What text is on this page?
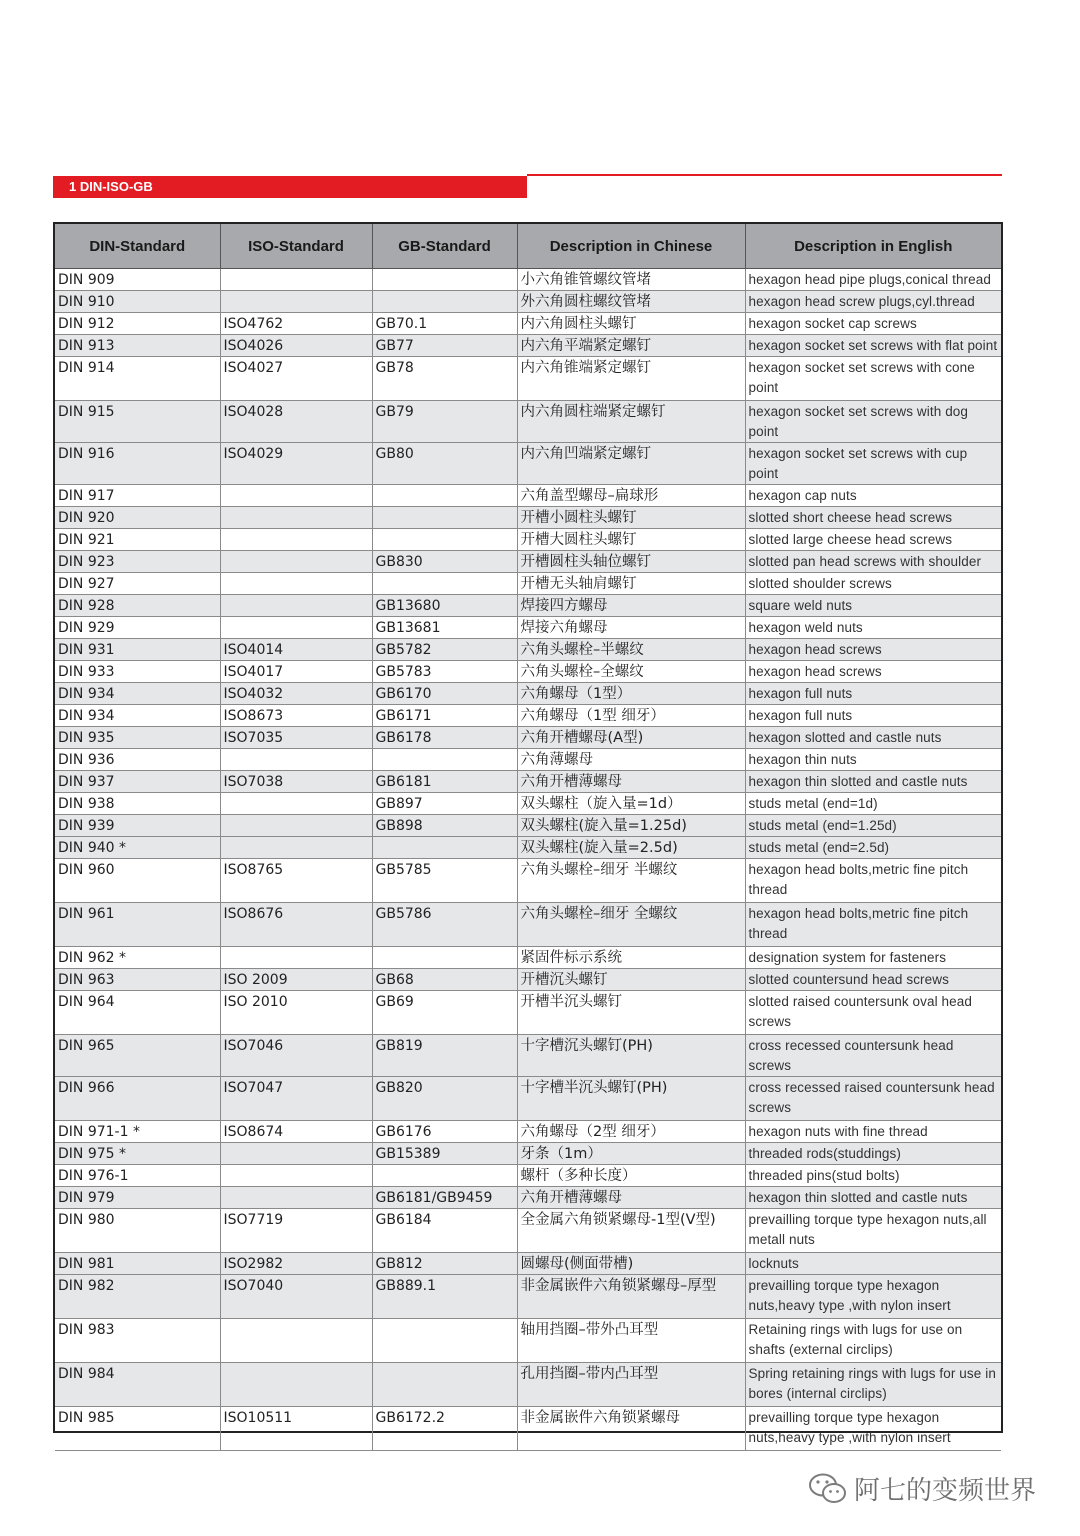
1 DIN-ISO-GB
DIN-Standard	ISO-Standard	GB-Standard	Description in Chinese	Description in English
DIN 909			小六角锥管螺纹管堵	hexagon head pipe plugs,conical thread
DIN 910			外六角圆柱螺纹管堵	hexagon head screw plugs,cyl.thread
DIN 912	ISO4762	GB70.1	内六角圆柱头螺钉	hexagon socket cap screws
DIN 913	ISO4026	GB77	内六角平端紧定螺钉	hexagon socket set screws with flat point
DIN 914	ISO4027	GB78	内六角锥端紧定螺钉	hexagon socket set screws with cone point
DIN 915	ISO4028	GB79	内六角圆柱端紧定螺钉	hexagon socket set screws with dog point
DIN 916	ISO4029	GB80	内六角凹端紧定螺钉	hexagon socket set screws with cup point
DIN 917			六角盖型螺母–扁球形	hexagon cap nuts
DIN 920			开槽小圆柱头螺钉	slotted short cheese head screws
DIN 921			开槽大圆柱头螺钉	slotted large cheese head screws
DIN 923		GB830	开槽圆柱头轴位螺钉	slotted pan head screws with shoulder
DIN 927			开槽无头轴肩螺钉	slotted shoulder screws
DIN 928		GB13680	焊接四方螺母	square weld nuts
DIN 929		GB13681	焊接六角螺母	hexagon weld nuts
DIN 931	ISO4014	GB5782	六角头螺栓–半螺纹	hexagon head screws
DIN 933	ISO4017	GB5783	六角头螺栓–全螺纹	hexagon head screws
DIN 934	ISO4032	GB6170	六角螺母（1型）	hexagon full nuts
DIN 934	ISO8673	GB6171	六角螺母（1型 细牙）	hexagon full nuts
DIN 935	ISO7035	GB6178	六角开槽螺母(A型)	hexagon slotted and castle nuts
DIN 936			六角薄螺母	hexagon thin nuts
DIN 937	ISO7038	GB6181	六角开槽薄螺母	hexagon thin slotted and castle nuts
DIN 938		GB897	双头螺柱（旋入量=1d）	studs metal (end=1d)
DIN 939		GB898	双头螺柱(旋入量=1.25d)	studs metal (end=1.25d)
DIN 940 *			双头螺柱(旋入量=2.5d)	studs metal (end=2.5d)
DIN 960	ISO8765	GB5785	六角头螺栓–细牙 半螺纹	hexagon head bolts,metric fine pitch thread
DIN 961	ISO8676	GB5786	六角头螺栓–细牙 全螺纹	hexagon head bolts,metric fine pitch thread
DIN 962 *			紧固件标示系统	designation system for fasteners
DIN 963	ISO 2009	GB68	开槽沉头螺钉	slotted countersund head screws
DIN 964	ISO 2010	GB69	开槽半沉头螺钉	slotted raised countersunk oval head screws
DIN 965	ISO7046	GB819	十字槽沉头螺钉(PH)	cross recessed countersunk head screws
DIN 966	ISO7047	GB820	十字槽半沉头螺钉(PH)	cross recessed raised countersunk head screws
DIN 971-1 *	ISO8674	GB6176	六角螺母（2型 细牙）	hexagon nuts with fine thread
DIN 975 *		GB15389	牙条（1m）	threaded rods(studdings)
DIN 976-1			螺杆（多种长度）	threaded pins(stud bolts)
DIN 979		GB6181/GB9459	六角开槽薄螺母	hexagon thin slotted and castle nuts
DIN 980	ISO7719	GB6184	全金属六角锁紧螺母-1型(V型)	prevailling torque type hexagon nuts,all metall nuts
DIN 981	ISO2982	GB812	圆螺母(侧面带槽)	locknuts
DIN 982	ISO7040	GB889.1	非金属嵌件六角锁紧螺母–厚型	prevailling torque type hexagon nuts,heavy type ,with nylon insert
DIN 983			轴用挡圈–带外凸耳型	Retaining rings with lugs for use on shafts (external circlips)
DIN 984			孔用挡圈–带内凸耳型	Spring retaining rings with lugs for use in bores (internal circlips)
DIN 985	ISO10511	GB6172.2	非金属嵌件六角锁紧螺母	prevailling torque type hexagon nuts,heavy type ,with nylon insert
阿七的变频世界
